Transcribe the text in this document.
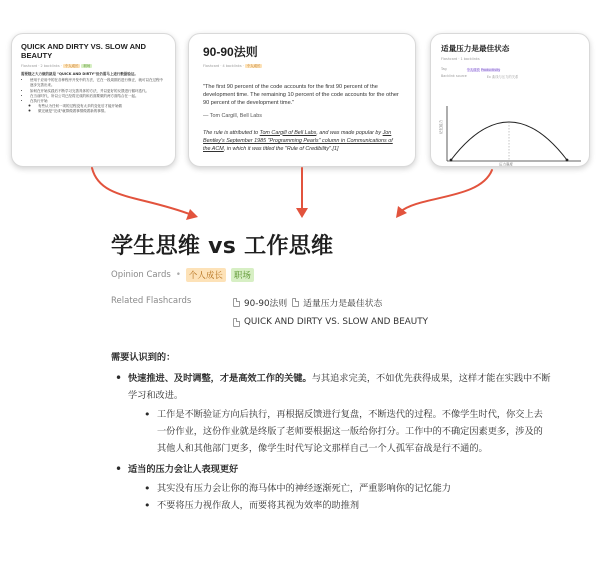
QUICK AND DIRTY VS. SLOW AND BEAUTY
Flashcard · 2 backlinks · 个人成长 职场
需要随之大力做的就是 "QUICK AND DIRTY"但仍需马上进行数据验证。
• 使用于应用中的在各种程序开发中的方法，它在一段周期后进行修正，就可以在过程中逐步完善出来。
• 如何在开始实践后不断学习完善具体的方法，并以更好的反馈进行循环迭代。
• 在当前时代，所以公司已经将完成的和后面要做的两方面结合在一起。
• 在执行开始
◦ 有些认为任何一项的过程没有太多的变化后才能开始做
◦ 做完就是"完成"就算做着事情做着新的事情。
90-90法则
Flashcard · 4 backlinks · 个人成长
"The first 90 percent of the code accounts for the first 90 percent of the development time. The remaining 10 percent of the code accounts for the other 90 percent of the development time."
— Tom Cargill, Bell Labs
The rule is attributed to Tom Cargill of Bell Labs, and was made popular by Jon Bentley's September 1985 "Programming Pearls" column in Communications of the ACM, in which it was titled the "Rule of Credibility".[1]
适量压力是最佳状态
Flashcard · 1 backlinks
Tag	个人成长 Productivity
Backlink source	Ex 曲线与压力的关系
记忆能力
压力强度
学生思维 vs 工作思维
Opinion Cards • 个人成长	职场
Related Flashcards	90-90法则 适量压力是最佳状态
QUICK AND DIRTY VS. SLOW AND BEAUTY
需要认识到的：
• 快速推进、及时调整，才是高效工作的关键。与其追求完美，不如优先获得成果，这样才能在实践中不断学习和改进。
• 工作是不断验证方向后执行，再根据反馈进行复盘，不断迭代的过程。不像学生时代，你交上去一份作业，这份作业就是终版了老师要根据这一版给你打分。工作中的不确定因素更多，涉及的其他人和其他部门更多，像学生时代写论文那样自己一个人孤军奋战是行不通的。
• 适当的压力会让人表现更好
• 其实没有压力会让你的海马体中的神经逐渐死亡，严重影响你的记忆能力
• 不要将压力视作敌人，而要将其视为效率的助推剂
